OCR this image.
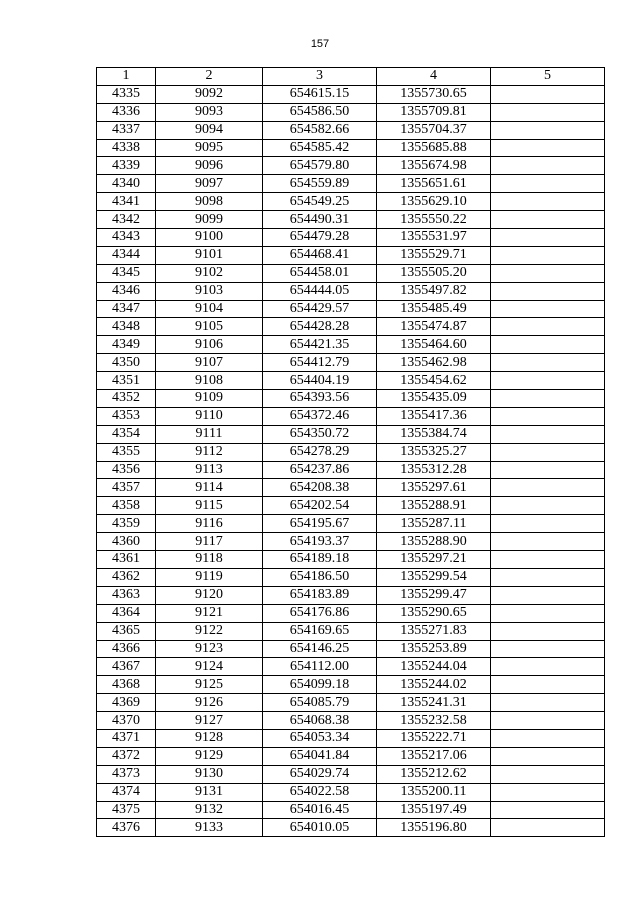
157
1	2	3	4	5
4335	9092	654615.15	1355730.65	
4336	9093	654586.50	1355709.81	
4337	9094	654582.66	1355704.37	
4338	9095	654585.42	1355685.88	
4339	9096	654579.80	1355674.98	
4340	9097	654559.89	1355651.61	
4341	9098	654549.25	1355629.10	
4342	9099	654490.31	1355550.22	
4343	9100	654479.28	1355531.97	
4344	9101	654468.41	1355529.71	
4345	9102	654458.01	1355505.20	
4346	9103	654444.05	1355497.82	
4347	9104	654429.57	1355485.49	
4348	9105	654428.28	1355474.87	
4349	9106	654421.35	1355464.60	
4350	9107	654412.79	1355462.98	
4351	9108	654404.19	1355454.62	
4352	9109	654393.56	1355435.09	
4353	9110	654372.46	1355417.36	
4354	9111	654350.72	1355384.74	
4355	9112	654278.29	1355325.27	
4356	9113	654237.86	1355312.28	
4357	9114	654208.38	1355297.61	
4358	9115	654202.54	1355288.91	
4359	9116	654195.67	1355287.11	
4360	9117	654193.37	1355288.90	
4361	9118	654189.18	1355297.21	
4362	9119	654186.50	1355299.54	
4363	9120	654183.89	1355299.47	
4364	9121	654176.86	1355290.65	
4365	9122	654169.65	1355271.83	
4366	9123	654146.25	1355253.89	
4367	9124	654112.00	1355244.04	
4368	9125	654099.18	1355244.02	
4369	9126	654085.79	1355241.31	
4370	9127	654068.38	1355232.58	
4371	9128	654053.34	1355222.71	
4372	9129	654041.84	1355217.06	
4373	9130	654029.74	1355212.62	
4374	9131	654022.58	1355200.11	
4375	9132	654016.45	1355197.49	
4376	9133	654010.05	1355196.80	
